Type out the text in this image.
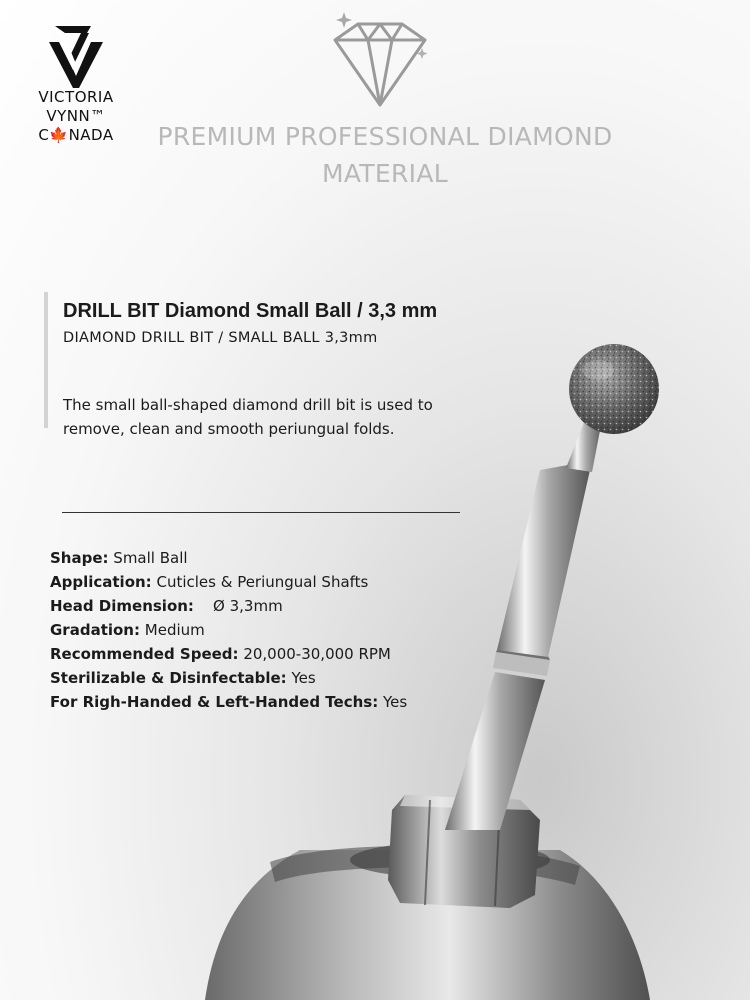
VICTORIA
VYNN™
C🍁NADA	PREMIUM PROFESSIONAL DIAMOND MATERIAL
DRILL BIT Diamond Small Ball / 3,3 mm
DIAMOND DRILL BIT / SMALL BALL 3,3mm
The small ball-shaped diamond drill bit is used to remove, clean and smooth periungual folds.
Shape: Small Ball
Application: Cuticles & Periungual Shafts
Head Dimension:    Ø 3,3mm
Gradation: Medium
Recommended Speed: 20,000-30,000 RPM
Sterilizable & Disinfectable: Yes
For Righ-Handed & Left-Handed Techs: Yes
